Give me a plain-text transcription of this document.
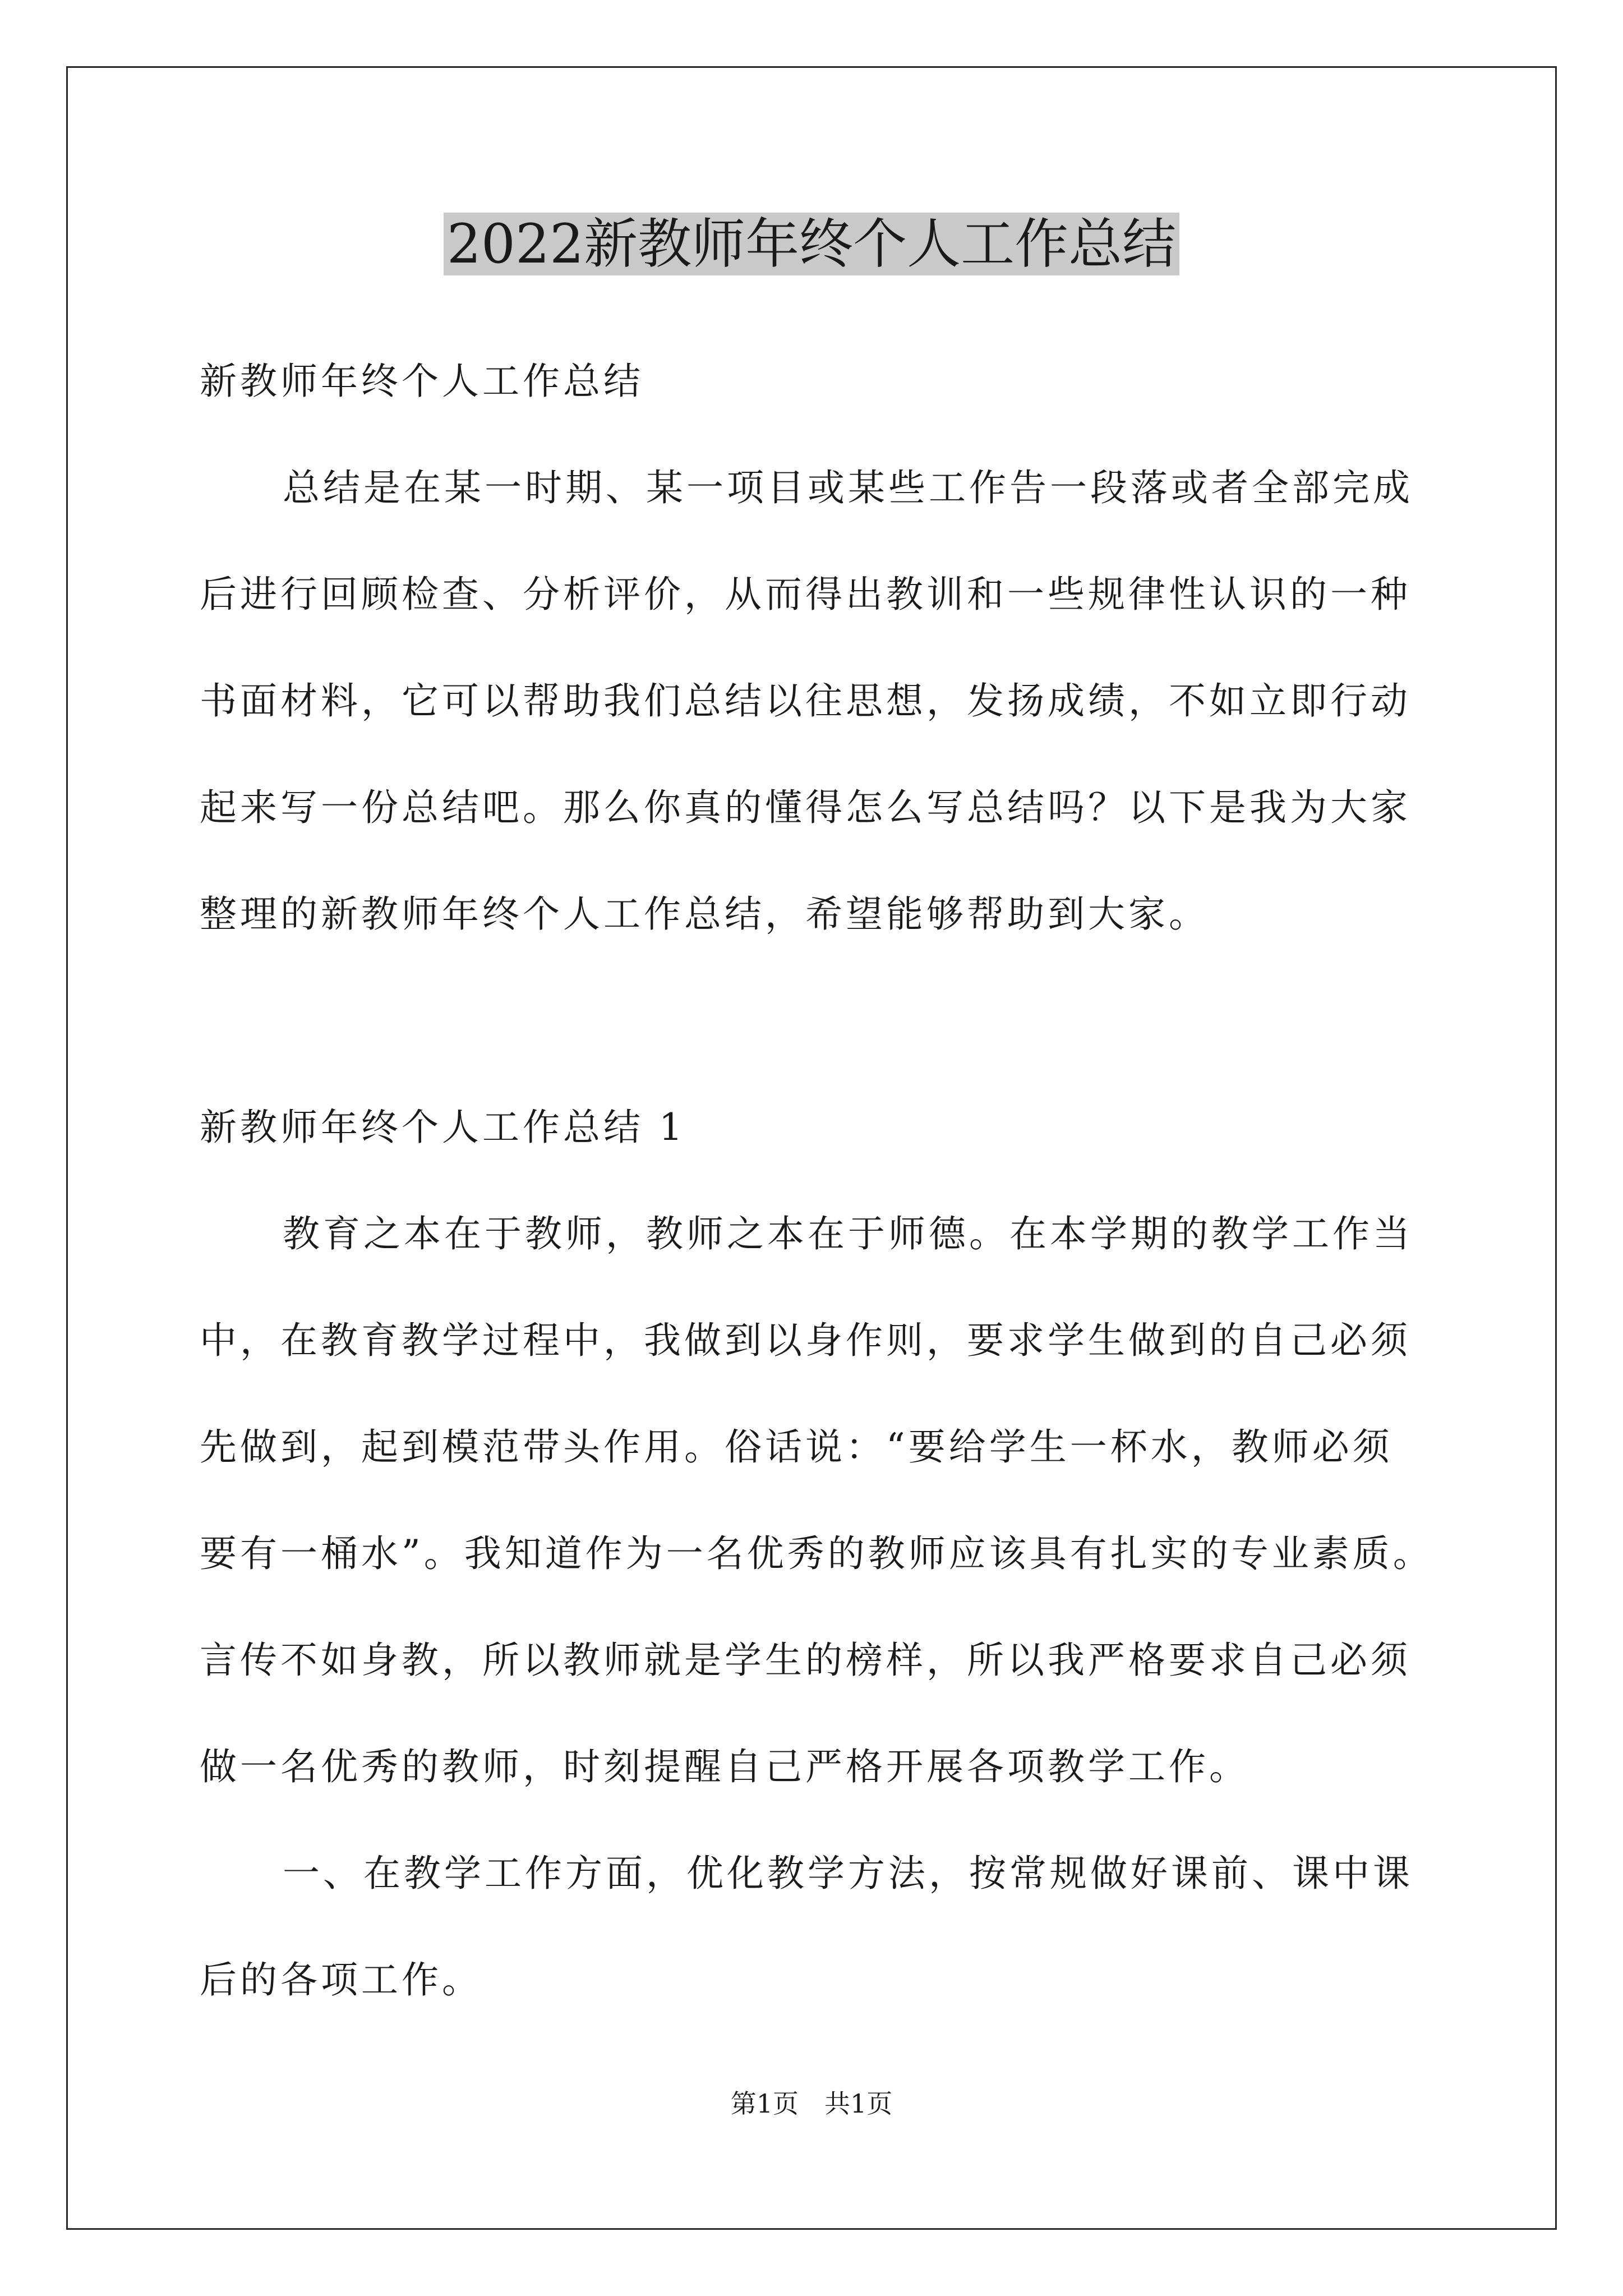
2022新教师年终个人工作总结
新教师年终个人工作总结
总结是在某一时期、某一项目或某些工作告一段落或者全部完成
后进行回顾检查、分析评价，从而得出教训和一些规律性认识的一种
书面材料，它可以帮助我们总结以往思想，发扬成绩，不如立即行动
起来写一份总结吧。那么你真的懂得怎么写总结吗？以下是我为大家
整理的新教师年终个人工作总结，希望能够帮助到大家。
新教师年终个人工作总结 1
教育之本在于教师，教师之本在于师德。在本学期的教学工作当
中，在教育教学过程中，我做到以身作则，要求学生做到的自己必须
先做到，起到模范带头作用。俗话说：“要给学生一杯水，教师必须
要有一桶水”。我知道作为一名优秀的教师应该具有扎实的专业素质。
言传不如身教，所以教师就是学生的榜样，所以我严格要求自己必须
做一名优秀的教师，时刻提醒自己严格开展各项教学工作。
一、在教学工作方面，优化教学方法，按常规做好课前、课中课
后的各项工作。
第1页　共1页
